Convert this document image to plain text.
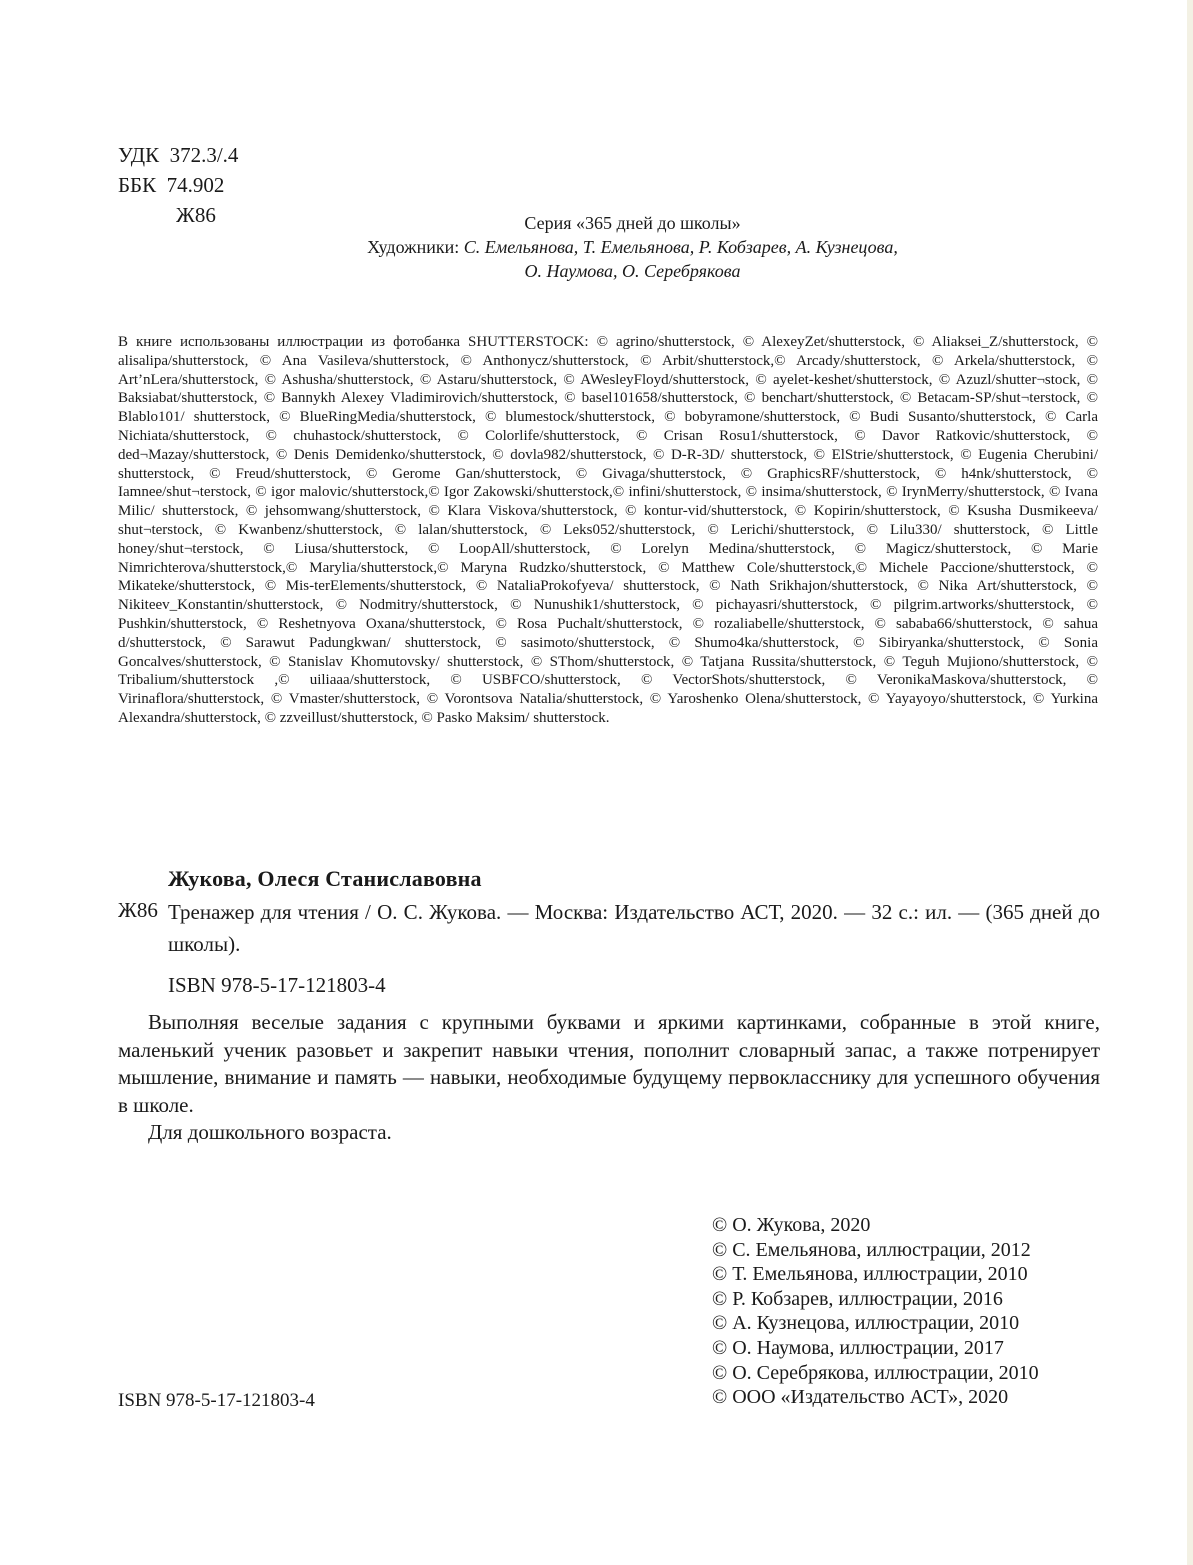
УДК  372.3/.4
ББК  74.902
Ж86	Серия «365 дней до школы»
Художники: С. Емельянова, Т. Емельянова, Р. Кобзарев, А. Кузнецова,
О. Наумова, О. Серебрякова
В книге использованы иллюстрации из фотобанка SHUTTERSTOCK: © agrino/shutterstock, © AlexeyZet/shutterstock, © Aliaksei_Z/shutterstock, © alisalipa/shutterstock, © Ana Vasileva/shutterstock, © Anthonycz/shutterstock, © Arbit/shutterstock,© Arcady/shutterstock, © Arkela/shutterstock, © Art’nLera/shutterstock, © Ashusha/shutterstock, © Astaru/shutterstock, © AWesleyFloyd/shutterstock, © ayelet-keshet/shutterstock, © Azuzl/shutter¬stock, © Baksiabat/shutterstock, © Bannykh Alexey Vladimirovich/shutterstock, © basel101658/shutterstock, © benchart/shutterstock, © Betacam-SP/shut¬terstock, © Blablo101/ shutterstock, © BlueRingMedia/shutterstock, © blumestock/shutterstock, © bobyramone/shutterstock, © Budi Susanto/shutterstock, © Carla Nichiata/shutterstock, © chuhastock/shutterstock, © Colorlife/shutterstock, © Crisan Rosu1/shutterstock, © Davor Ratkovic/shutterstock, © ded¬Mazay/shutterstock, © Denis Demidenko/shutterstock, © dovla982/shutterstock, © D-R-3D/ shutterstock, © ElStrie/shutterstock, © Eugenia Cherubini/ shutterstock, © Freud/shutterstock, © Gerome Gan/shutterstock, © Givaga/shutterstock, © GraphicsRF/shutterstock, © h4nk/shutterstock, © Iamnee/shut¬terstock, © igor malovic/shutterstock,© Igor Zakowski/shutterstock,© infini/shutterstock, © insima/shutterstock, © IrynMerry/shutterstock, © Ivana Milic/ shutterstock, © jehsomwang/shutterstock, © Klara Viskova/shutterstock, © kontur-vid/shutterstock, © Kopirin/shutterstock, © Ksusha Dusmikeeva/ shut¬terstock, © Kwanbenz/shutterstock, © lalan/shutterstock, © Leks052/shutterstock, © Lerichi/shutterstock, © Lilu330/ shutterstock, © Little honey/shut¬terstock, © Liusa/shutterstock, © LoopAll/shutterstock, © Lorelyn Medina/shutterstock, © Magicz/shutterstock, © Marie Nimrichterova/shutterstock,© Marylia/shutterstock,© Maryna Rudzko/shutterstock, © Matthew Cole/shutterstock,© Michele Paccione/shutterstock, © Mikateke/shutterstock, © Mis-terElements/shutterstock, © NataliaProkofyeva/ shutterstock, © Nath Srikhajon/shutterstock, © Nika Art/shutterstock, © Nikiteev_Konstantin/shutterstock, © Nodmitry/shutterstock, © Nunushik1/shutterstock, © pichayasri/shutterstock, © pilgrim.artworks/shutterstock, © Pushkin/shutterstock, © Reshetnyova Oxana/shutterstock, © Rosa Puchalt/shutterstock, © rozaliabelle/shutterstock, © sababa66/shutterstock, © sahua d/shutterstock, © Sarawut Padungkwan/ shutterstock, © sasimoto/shutterstock, © Shumo4ka/shutterstock, © Sibiryanka/shutterstock, © Sonia Goncalves/shutterstock, © Stanislav Khomutovsky/ shutterstock, © SThom/shutterstock, © Tatjana Russita/shutterstock, © Teguh Mujiono/shutterstock, © Tribalium/shutterstock ,© uiliaaa/shutterstock, © USBFCO/shutterstock, © VectorShots/shutterstock, © VeronikaMaskova/shutterstock, © Virinaflora/shutterstock, © Vmaster/shutterstock, © Vorontsova Natalia/shutterstock, © Yaroshenko Olena/shutterstock, © Yayayoyo/shutterstock, © Yurkina Alexandra/shutterstock, © zzveillust/shutterstock, © Pasko Maksim/ shutterstock.
Жукова, Олеся Станиславовна
Ж86 Тренажер для чтения / О. С. Жукова. — Москва: Издательство АСТ, 2020. — 32 с.: ил. — (365 дней до школы).
ISBN 978-5-17-121803-4

Выполняя веселые задания с крупными буквами и яркими картинками, собранные в этой книге, маленький ученик разовьет и закрепит навыки чтения, пополнит словарный запас, а также потренирует мышление, внимание и память — навыки, необходимые будущему первокласснику для успешного обучения в школе.

Для дошкольного возраста.

© О. Жукова, 2020
© С. Емельянова, иллюстрации, 2012
© Т. Емельянова, иллюстрации, 2010
© Р. Кобзарев, иллюстрации, 2016
© А. Кузнецова, иллюстрации, 2010
© О. Наумова, иллюстрации, 2017
© О. Серебрякова, иллюстрации, 2010
© ООО «Издательство АСТ», 2020
ISBN 978-5-17-121803-4
